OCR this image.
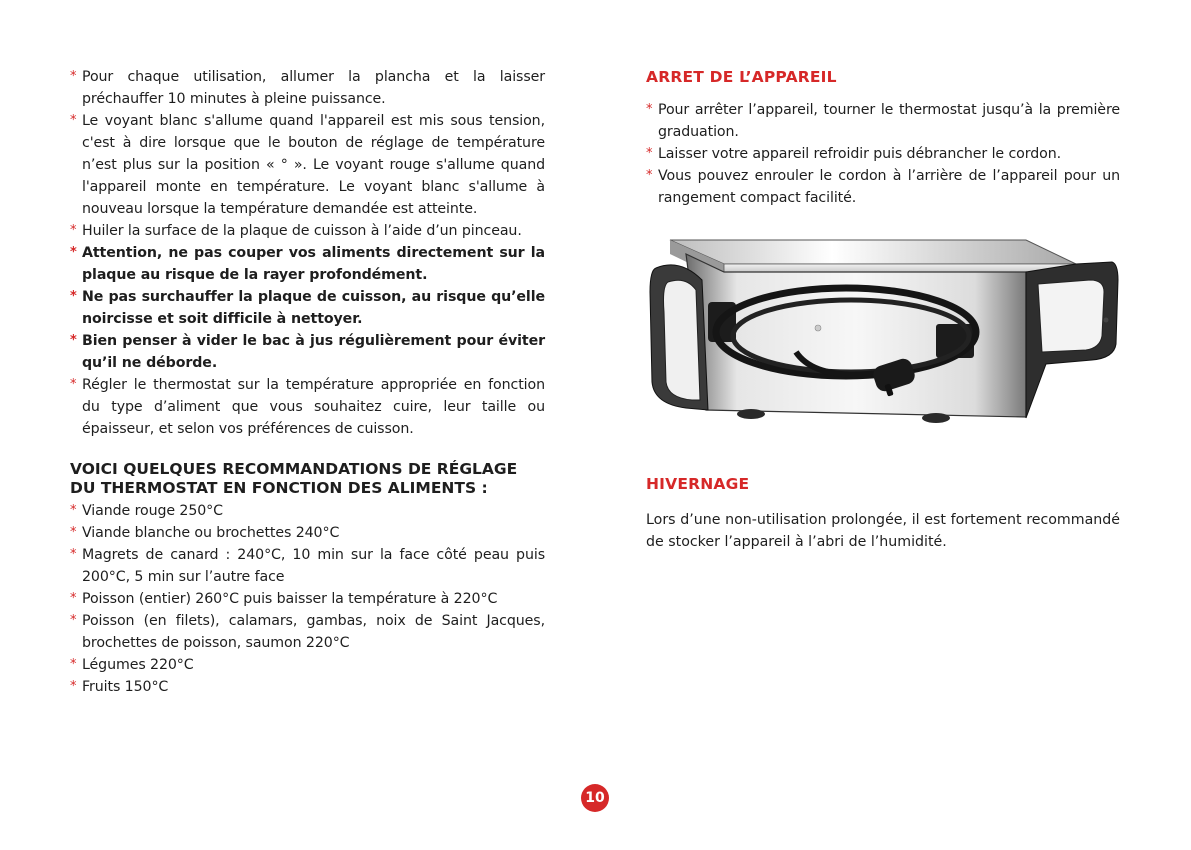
* Pour chaque utilisation, allumer la plancha et la laisser préchauffer 10 minutes à pleine puissance.
* Le voyant blanc s'allume quand l'appareil est mis sous tension, c'est à dire lorsque que le bouton de réglage de température n’est plus sur la position « ° ». Le voyant rouge s'allume quand l'appareil monte en température. Le voyant blanc s'allume à nouveau lorsque la température demandée est atteinte.
* Huiler la surface de la plaque de cuisson à l’aide d’un pinceau.
* Attention, ne pas couper vos aliments directement sur la plaque au risque de la rayer profondément.
* Ne pas surchauffer la plaque de cuisson, au risque qu’elle noircisse et soit difficile à nettoyer.
* Bien penser à vider le bac à jus régulièrement pour éviter qu’il ne déborde.
* Régler le thermostat sur la température appropriée en fonction du type d’aliment que vous souhaitez cuire, leur taille ou épaisseur, et selon vos préférences de cuisson.
VOICI QUELQUES RECOMMANDATIONS DE RÉGLAGE
DU THERMOSTAT EN FONCTION DES ALIMENTS :
* Viande rouge 250°C
* Viande blanche ou brochettes 240°C
* Magrets de canard : 240°C, 10 min sur la face côté peau puis 200°C, 5 min sur l’autre face
* Poisson (entier) 260°C puis baisser la température à 220°C
* Poisson (en filets), calamars, gambas, noix de Saint Jacques, brochettes de poisson, saumon 220°C
* Légumes 220°C
* Fruits 150°C
ARRET DE L’APPAREIL
* Pour arrêter l’appareil, tourner le thermostat jusqu’à la première graduation.
* Laisser votre appareil refroidir puis débrancher le cordon.
* Vous pouvez enrouler le cordon à l’arrière de l’appareil pour un rangement compact facilité.
HIVERNAGE

Lors d’une non-utilisation prolongée, il est fortement recommandé de stocker l’appareil à l’abri de l’humidité.

10
